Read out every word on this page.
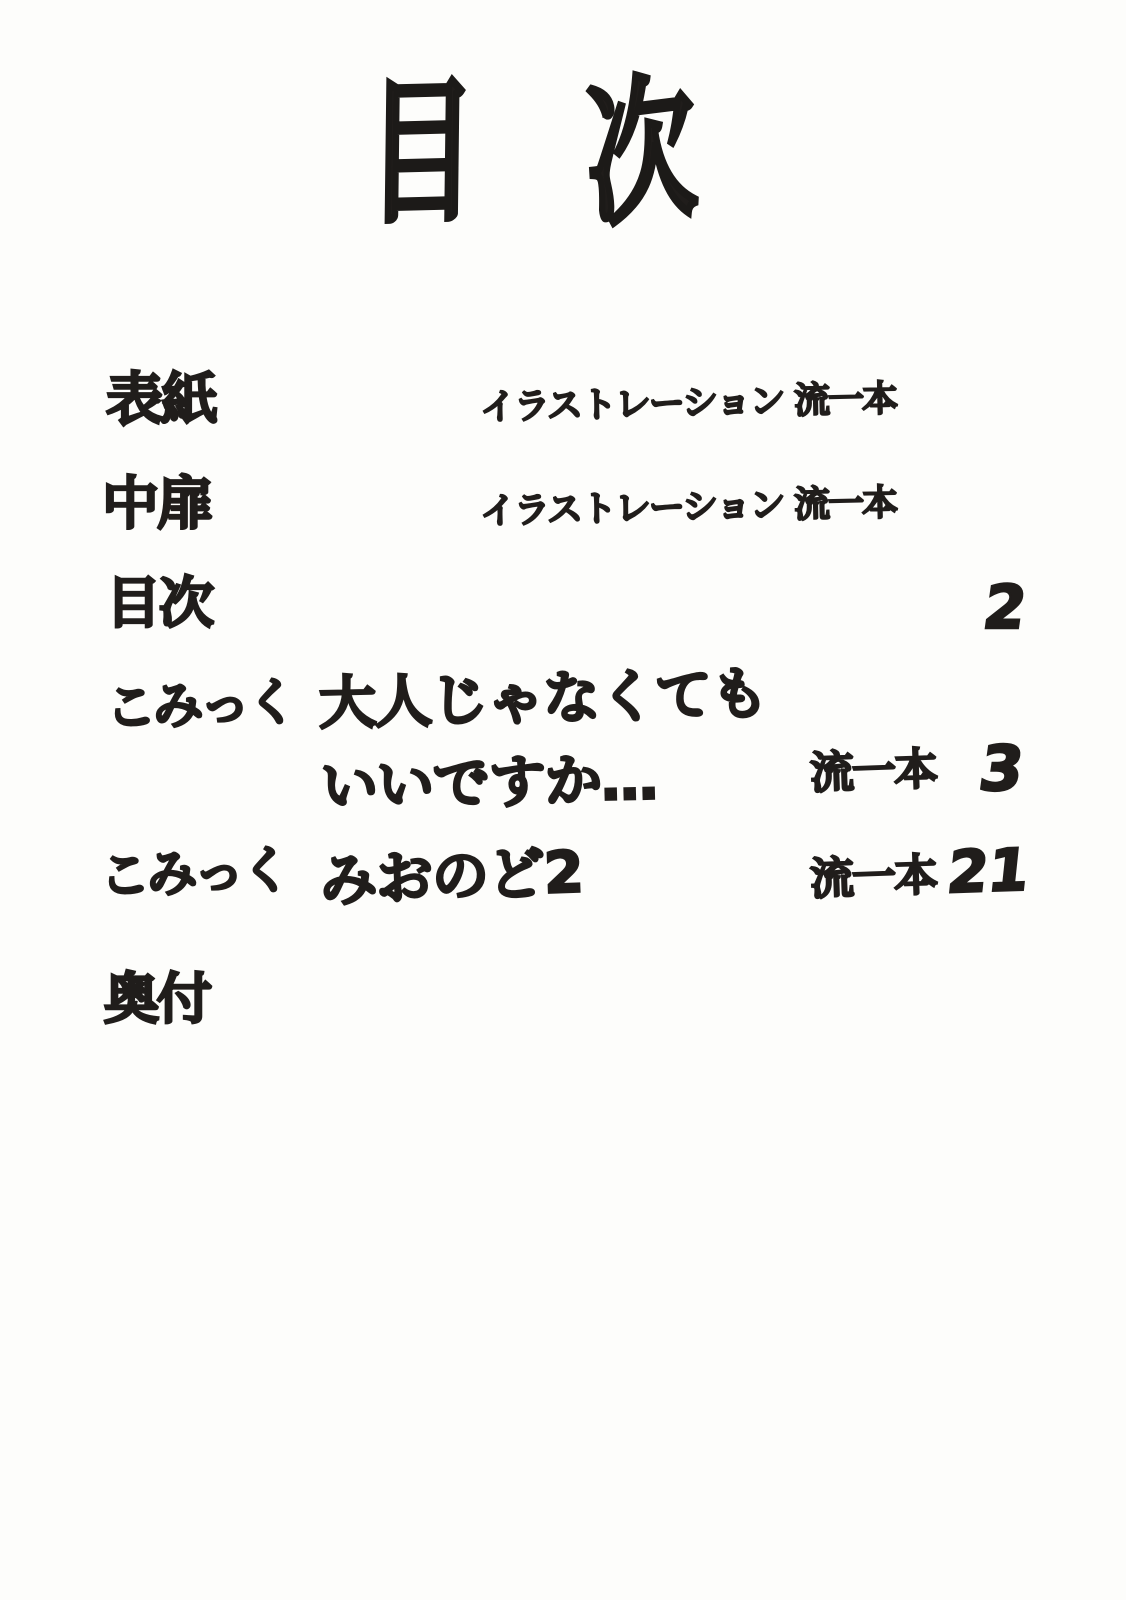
目 次
表紙	イラストレーション 流一本
中扉	イラストレーション 流一本
目次	2
こみっく 大人じゃなくても
いいですか…	流一本 3
こみっく みおのど2	流一本 21
奥付
